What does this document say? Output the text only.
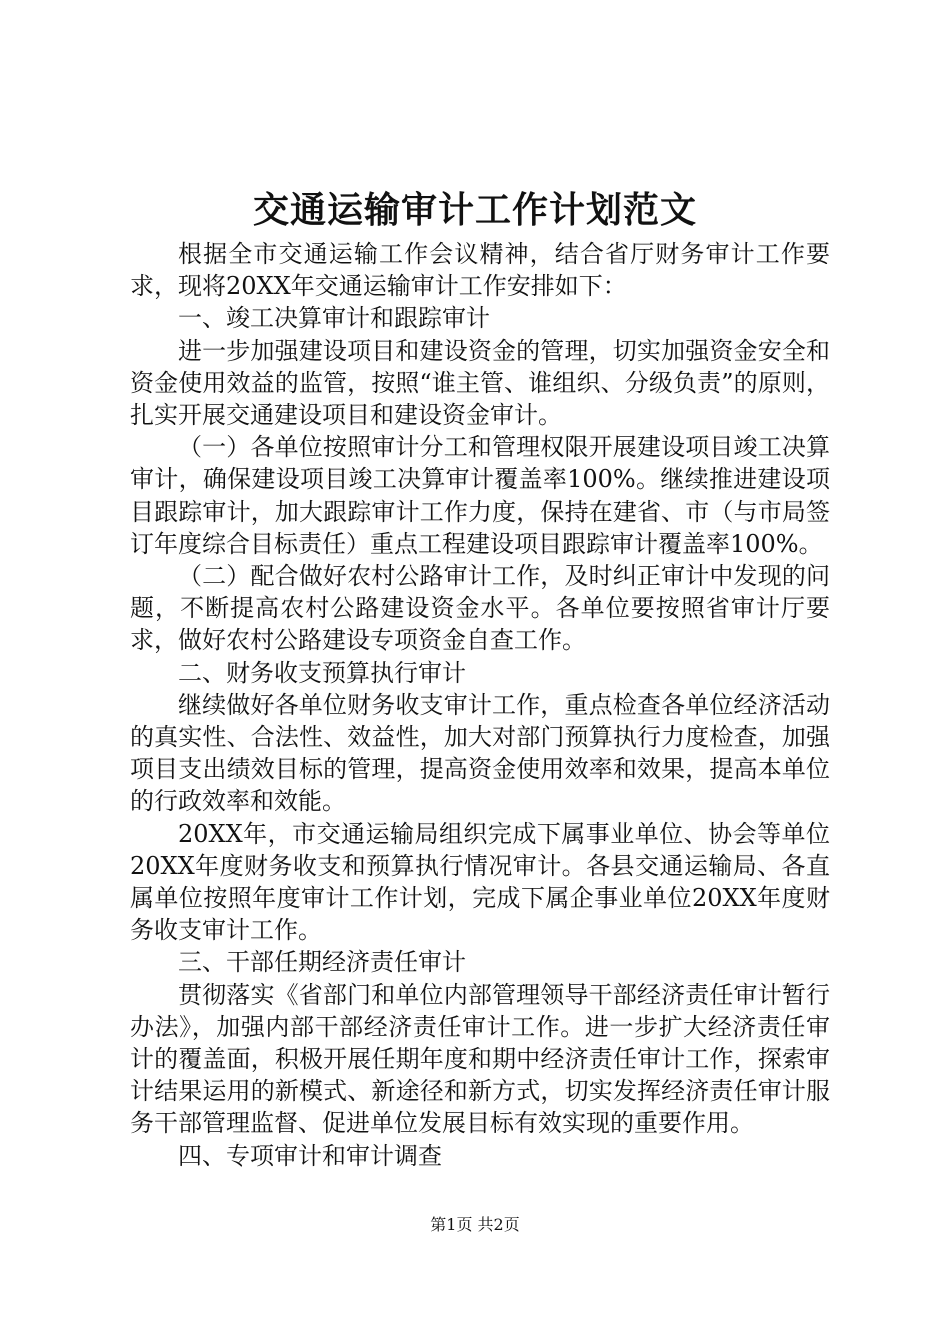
交通运输审计工作计划范文

根据全市交通运输工作会议精神，结合省厅财务审计工作要求，现将20XX年交通运输审计工作安排如下：

一、竣工决算审计和跟踪审计

进一步加强建设项目和建设资金的管理，切实加强资金安全和资金使用效益的监管，按照“谁主管、谁组织、分级负责”的原则，扎实开展交通建设项目和建设资金审计。

（一）各单位按照审计分工和管理权限开展建设项目竣工决算审计，确保建设项目竣工决算审计覆盖率100%。继续推进建设项目跟踪审计，加大跟踪审计工作力度，保持在建省、市（与市局签订年度综合目标责任）重点工程建设项目跟踪审计覆盖率100%。

（二）配合做好农村公路审计工作，及时纠正审计中发现的问题，不断提高农村公路建设资金水平。各单位要按照省审计厅要求，做好农村公路建设专项资金自查工作。

二、财务收支预算执行审计

继续做好各单位财务收支审计工作，重点检查各单位经济活动的真实性、合法性、效益性，加大对部门预算执行力度检查，加强项目支出绩效目标的管理，提高资金使用效率和效果，提高本单位的行政效率和效能。

20XX年，市交通运输局组织完成下属事业单位、协会等单位20XX年度财务收支和预算执行情况审计。各县交通运输局、各直属单位按照年度审计工作计划，完成下属企事业单位20XX年度财务收支审计工作。

三、干部任期经济责任审计

贯彻落实《省部门和单位内部管理领导干部经济责任审计暂行办法》，加强内部干部经济责任审计工作。进一步扩大经济责任审计的覆盖面，积极开展任期年度和期中经济责任审计工作，探索审计结果运用的新模式、新途径和新方式，切实发挥经济责任审计服务干部管理监督、促进单位发展目标有效实现的重要作用。

四、专项审计和审计调查

第1页 共2页
